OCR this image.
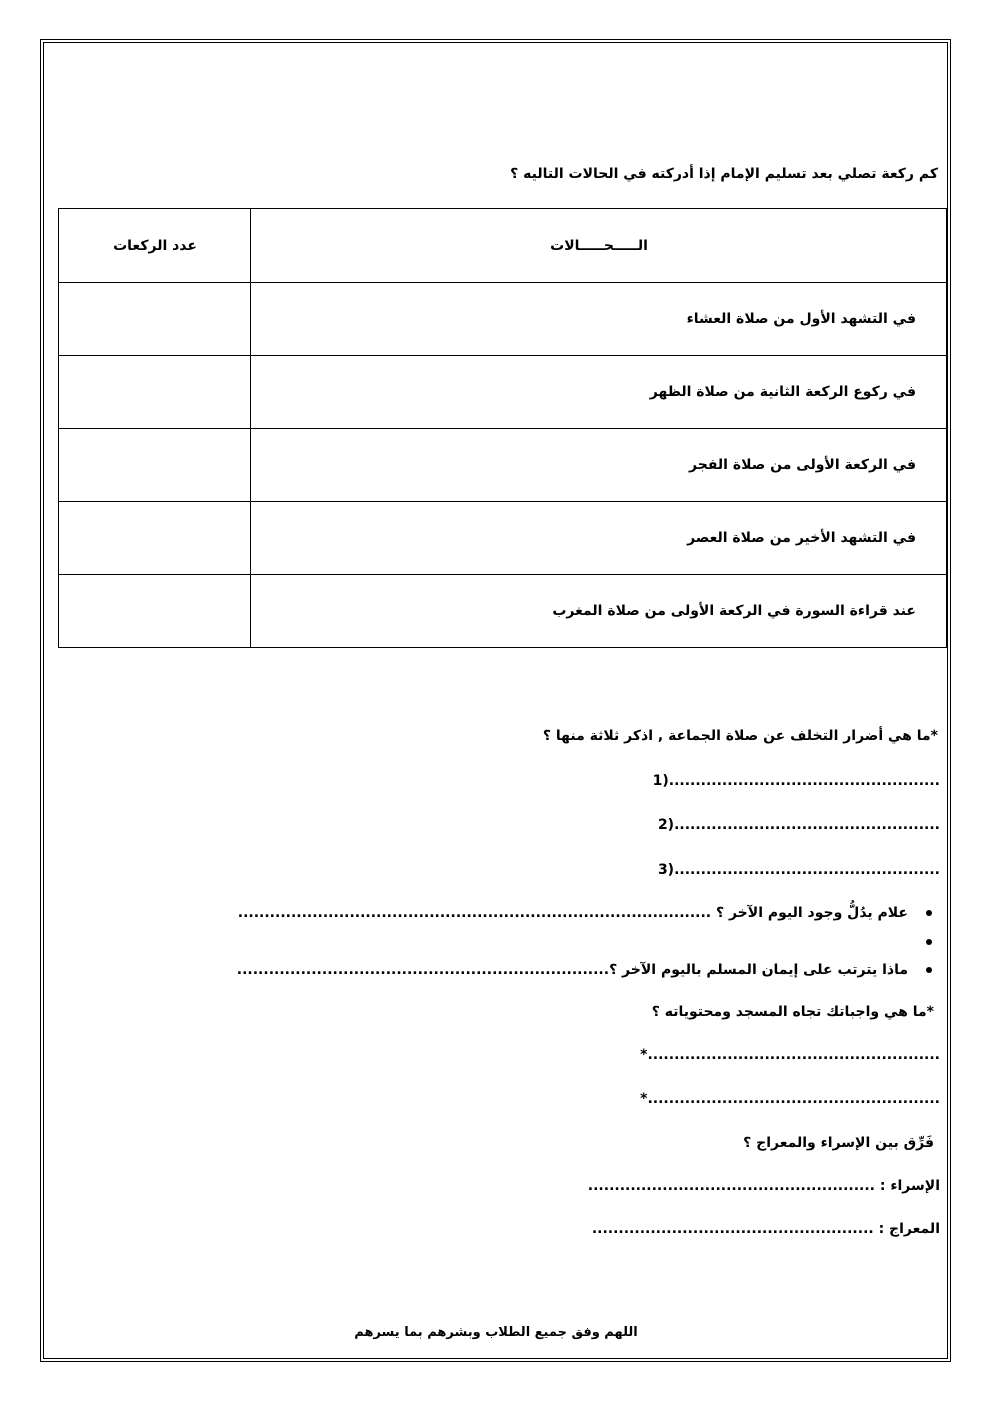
كم ركعة تصلي بعد تسليم الإمام إذا أدركته في الحالات التاليه ؟
الـــــحـــــالات	عدد الركعات
في التشهد الأول من صلاة العشاء	
في ركوع الركعة الثانية من صلاة الظهر	
في الركعة الأولى من صلاة الفجر	
في التشهد الأخير من صلاة العصر	
عند قراءة السورة في الركعة الأولى من صلاة المغرب	
*ما هي أضرار التخلف عن صلاة الجماعة , اذكر ثلاثة منها ؟
1)...................................................
2)..................................................
3)..................................................
علام يدُلُّ وجود اليوم الآخر ؟ .........................................................................................
ماذا يترتب على إيمان المسلم باليوم الآخر ؟......................................................................
*ما هي واجباتك تجاه المسجد ومحتوياته ؟
*.......................................................
*.......................................................
فَرِّق بين الإسراء والمعراج ؟
الإسراء : ......................................................
المعراج : .....................................................
اللهم وفق جميع الطلاب وبشرهم بما يسرهم
